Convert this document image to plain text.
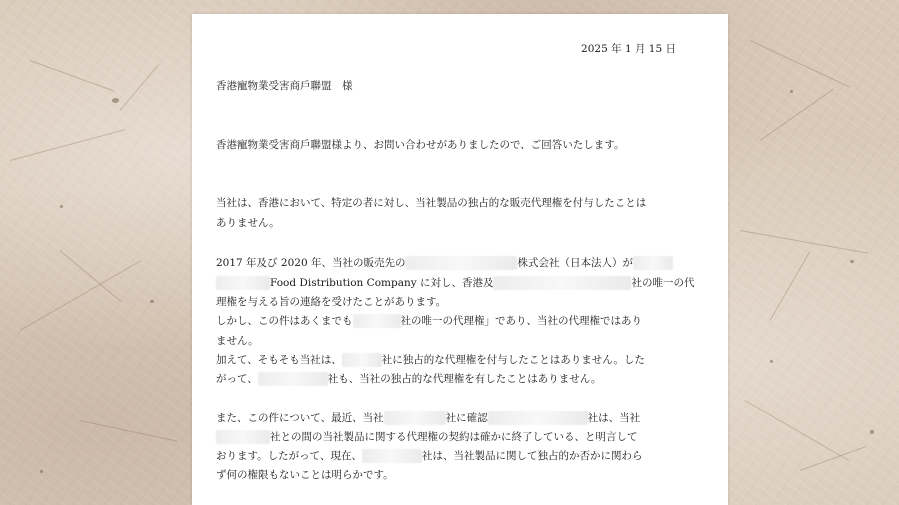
2025 年 1 月 15 日
香港寵物業受害商戶聯盟　様
香港寵物業受害商戶聯盟様より、お問い合わせがありましたので、ご回答いたします。
当社は、香港において、特定の者に対し、当社製品の独占的な販売代理権を付与したことは
ありません。
2017 年及び 2020 年、当社の販売先の	株式会社（日本法人）が
Food Distribution Company に対し、香港及	社の唯一の代
理権を与える旨の連絡を受けたことがあります。
しかし、この件はあくまでも	社の唯一の代理権」であり、当社の代理権ではあり
ません。
加えて、そもそも当社は、	社に独占的な代理権を付与したことはありません。した
がって、	社も、当社の独占的な代理権を有したことはありません。
また、この件について、最近、当社	社に確認	社は、当社
社との間の当社製品に関する代理権の契約は確かに終了している、と明言して
おります。したがって、現在、	社は、当社製品に関して独占的か否かに関わら
ず何の権限もないことは明らかです。
